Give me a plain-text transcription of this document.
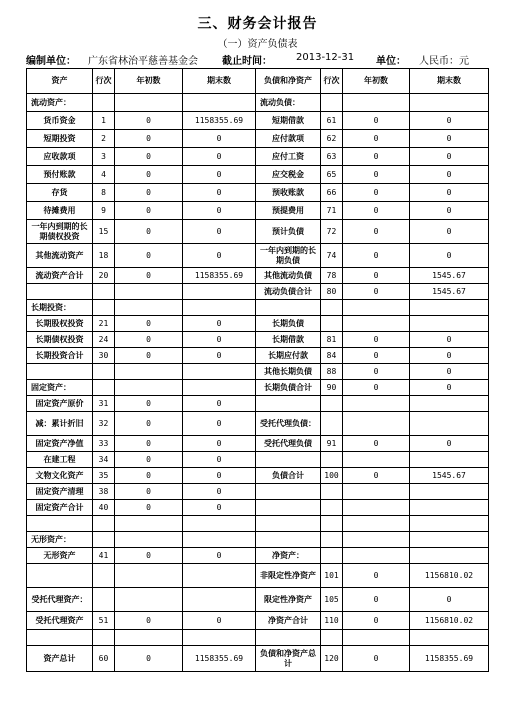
三、财务会计报告
（一）资产负债表
编制单位： 广东省林治平慈善基金会 截止时间： 2013-12-31 单位： 人民币：元
资产	行次	年初数	期末数	负债和净资产	行次	年初数	期末数
流动资产：				流动负债：			
货币资金	1	0	1158355.69	短期借款	61	0	0
短期投资	2	0	0	应付款项	62	0	0
应收款项	3	0	0	应付工资	63	0	0
预付账款	4	0	0	应交税金	65	0	0
存货	8	0	0	预收账款	66	0	0
待摊费用	9	0	0	预提费用	71	0	0
一年内到期的长期债权投资	15	0	0	预计负债	72	0	0
其他流动资产	18	0	0	一年内到期的长期负债	74	0	0
流动资产合计	20	0	1158355.69	其他流动负债	78	0	1545.67
				流动负债合计	80	0	1545.67
长期投资：							
长期股权投资	21	0	0	长期负债			
长期债权投资	24	0	0	长期借款	81	0	0
长期投资合计	30	0	0	长期应付款	84	0	0
				其他长期负债	88	0	0
固定资产：				长期负债合计	90	0	0
固定资产原价	31	0	0				
减：累计折旧	32	0	0	受托代理负债：			
固定资产净值	33	0	0	受托代理负债	91	0	0
在建工程	34	0	0				
文物文化资产	35	0	0	负债合计	100	0	1545.67
固定资产清理	38	0	0				
固定资产合计	40	0	0				

无形资产：							
无形资产	41	0	0	净资产：			
				非限定性净资产	101	0	1156810.02
受托代理资产：				限定性净资产	105	0	0
受托代理资产	51	0	0	净资产合计	110	0	1156810.02

资产总计	60	0	1158355.69	负债和净资产总计	120	0	1158355.69
